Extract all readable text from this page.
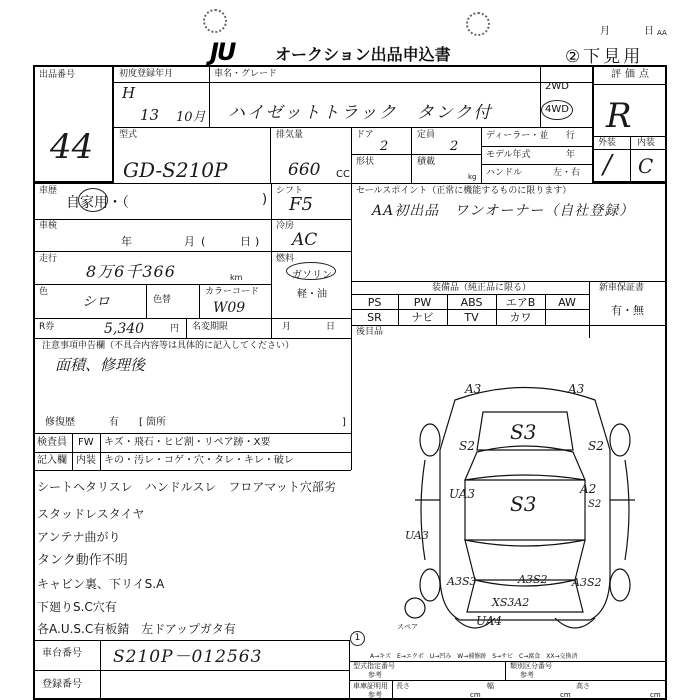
JU	オークション出品申込書
月	日 AA
②下見用
出品番号
44
初度登録年月
H
13 10月
車名・グレード
ハイゼットトラック　タンク付
2WD
4WD
評価点
R
外装 内装
/ C
型式
GD-S210P
排気量
660 CC
ドア
2
定員
2
形状	積載
kg
ディーラー・並 行
モデル年式	年
ハンドル	左・右
車歴
自家用・（	)
シフト
F5
セールスポイント（正常に機能するものに限ります）
AA初出品　ワンオーナー（自社登録）
車検
年	月 (	日 )
冷房
AC
走行
8万6千366	km
燃料
ガソリン
軽・油
色
シロ	色替
カラーコード
W09
装備品（純正品に限る）	新車保証書
有・無
PS	PW	ABS	エアB	AW
SR	ナビ	TV	カワ
R券	5,340	円 名変期限	月	日 後目品
注意事項申告欄（不具合内容等は具体的に記入してください）
面積、修理後
修復歴	有 [ 箇所	]
検査員
記入欄
FW キズ・飛石・ヒビ割・リペア跡・X要
内装 キの・汚レ・コゲ・穴・タレ・キレ・破レ
シートヘタリスレ　ハンドルスレ　フロアマット穴部劣
スタッドレスタイヤ
アンテナ曲がり
タンク動作不明
キャビン裏、下リイS.A
下廻りS.C穴有
各A.U.S.C有板錆　左ドアップガタ有
車台番号 S210P－012563
登録番号
1
A→キズ　E→エクボ　U→凹み　W→補修跡　S→サビ　C→腐食　XX→交換済
型式指定番号
参考
類別区分番号
参考
車庫証明用
参考
長さ
cm
幅
cm
高さ
cm
スペア
A3	A3
S3
S2	S2
S3
UA3	A2
S2
UA3
A3S3	A3S2 A3S2
XS3A2
UA4
